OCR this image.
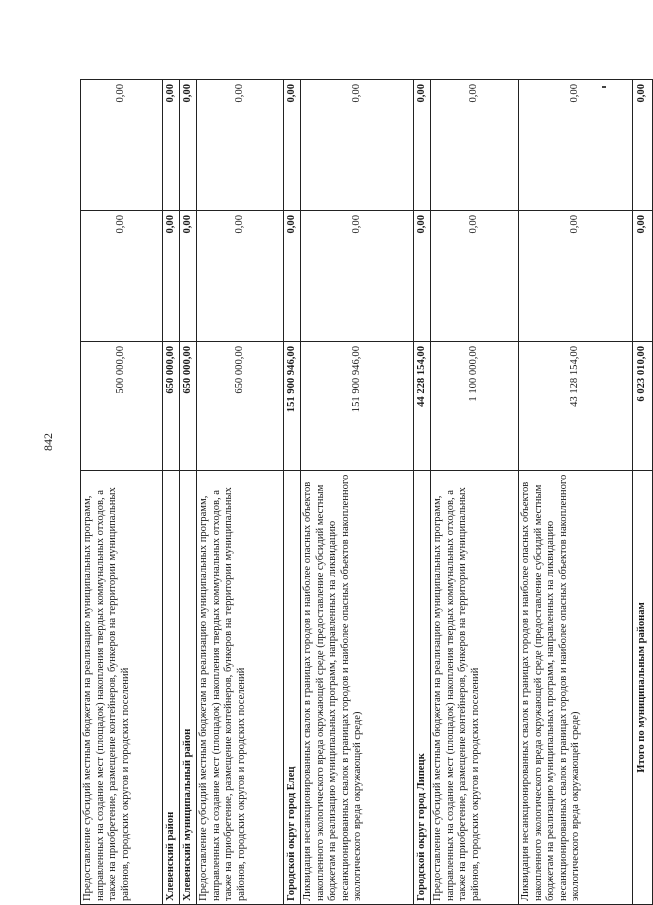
842
Предоставление субсидий местным бюджетам на реализацию муниципальных программ, направленных на создание мест (площадок) накопления твердых коммунальных отходов, а также на приобретение, размещение контейнеров, бункеров на территории муниципальных районов, городских округов и городских поселений	500 000,00	0,00	0,00
Хлевенский район	650 000,00	0,00	0,00
Хлевенский муниципальный район	650 000,00	0,00	0,00
Предоставление субсидий местным бюджетам на реализацию муниципальных программ, направленных на создание мест (площадок) накопления твердых коммунальных отходов, а также на приобретение, размещение контейнеров, бункеров на территории муниципальных районов, городских округов и городских поселений	650 000,00	0,00	0,00
Городской округ город Елец	151 900 946,00	0,00	0,00
Ликвидация несанкционированных свалок в границах городов и наиболее опасных объектов накопленного экологического вреда окружающей среде (предоставление субсидий местным бюджетам на реализацию муниципальных программ, направленных на ликвидацию несанкционированных свалок в границах городов и наиболее опасных объектов накопленного экологического вреда окружающей среде)	151 900 946,00	0,00	0,00
Городской округ город Липецк	44 228 154,00	0,00	0,00
Предоставление субсидий местным бюджетам на реализацию муниципальных программ, направленных на создание мест (площадок) накопления твердых коммунальных отходов, а также на приобретение, размещение контейнеров, бункеров на территории муниципальных районов, городских округов и городских поселений	1 100 000,00	0,00	0,00
Ликвидация несанкционированных свалок в границах городов и наиболее опасных объектов накопленного экологического вреда окружающей среде (предоставление субсидий местным бюджетам на реализацию муниципальных программ, направленных на ликвидацию несанкционированных свалок в границах городов и наиболее опасных объектов накопленного экологического вреда окружающей среде)	43 128 154,00	0,00	0,00
Итого по муниципальным районам	6 023 010,00	0,00	0,00
